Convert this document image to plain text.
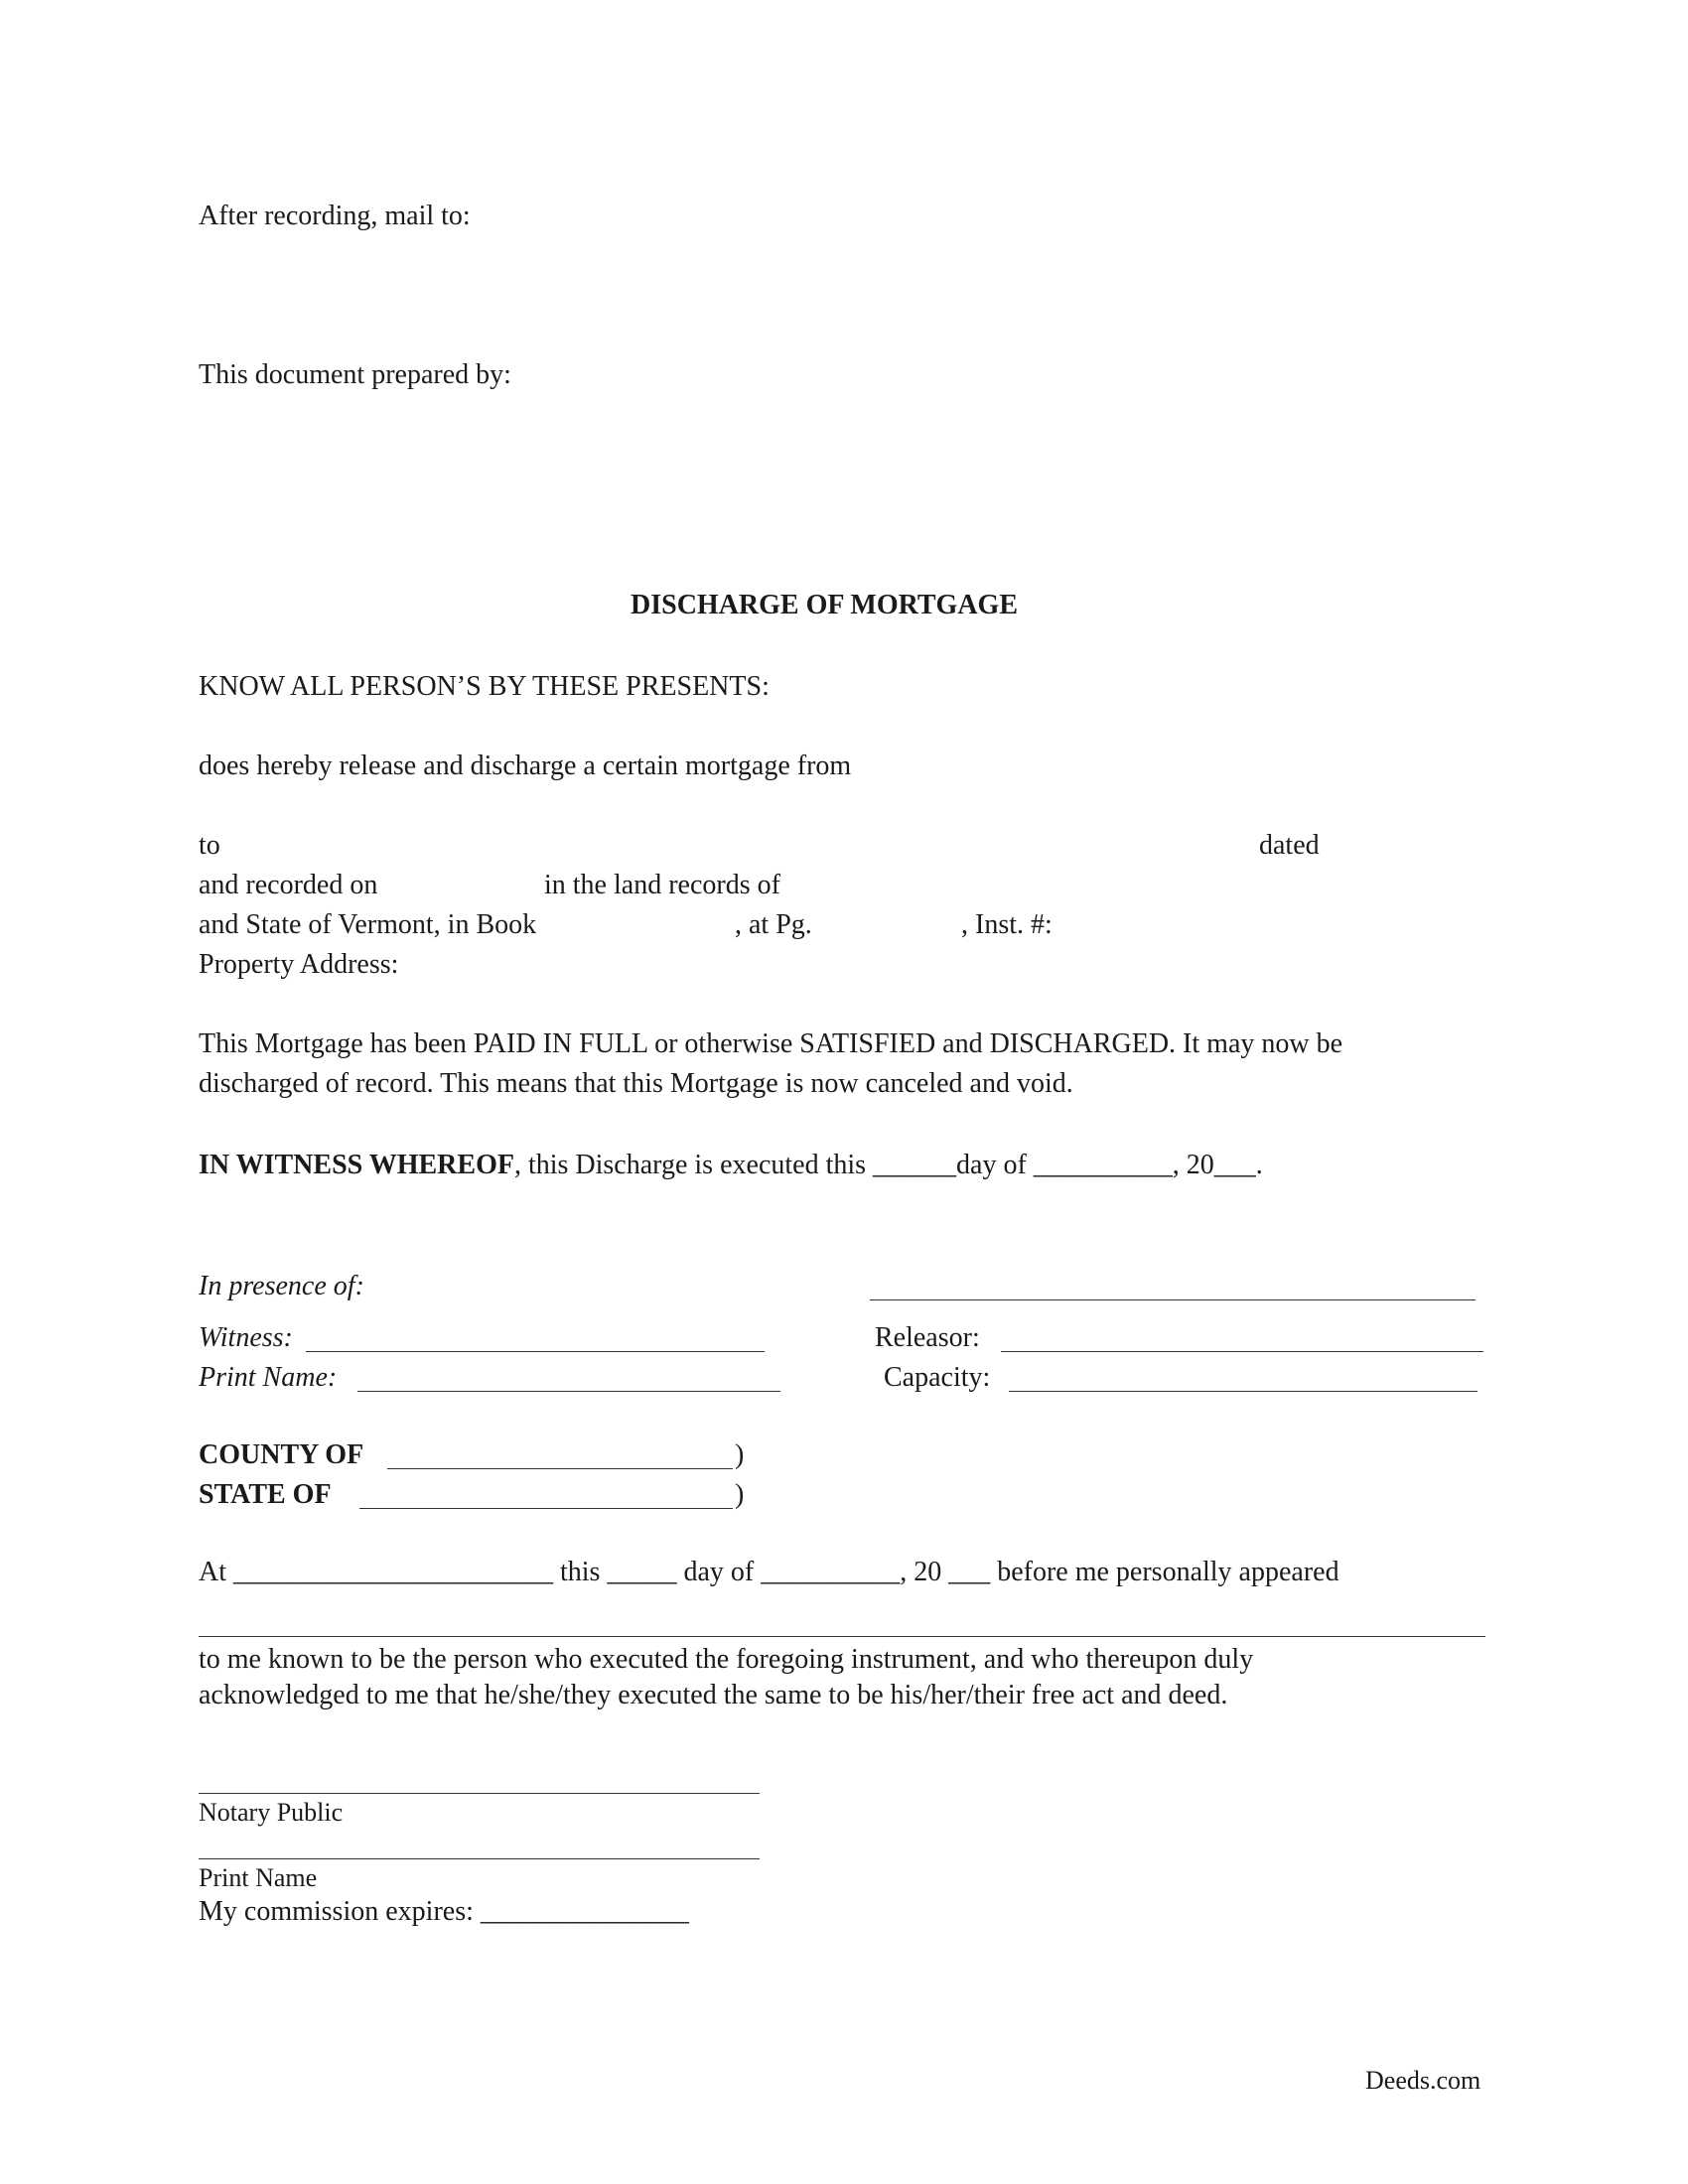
After recording, mail to:
This document prepared by:
DISCHARGE OF MORTGAGE
KNOW ALL PERSON’S BY THESE PRESENTS:
does hereby release and discharge a certain mortgage from
to	dated
and recorded on	in the land records of
and State of Vermont, in Book	, at Pg.	, Inst. #:
Property Address:
This Mortgage has been PAID IN FULL or otherwise SATISFIED and DISCHARGED. It may now be
discharged of record. This means that this Mortgage is now canceled and void.
IN WITNESS WHEREOF, this Discharge is executed this ______day of __________, 20___.
In presence of:
Witness:	Releasor:
Print Name:	Capacity:
COUNTY OF	)
STATE OF	)
At _______________________ this _____ day of __________, 20 ___ before me personally appeared
to me known to be the person who executed the foregoing instrument, and who thereupon duly
acknowledged to me that he/she/they executed the same to be his/her/their free act and deed.
Notary Public
Print Name
My commission expires: _______________
Deeds.com
